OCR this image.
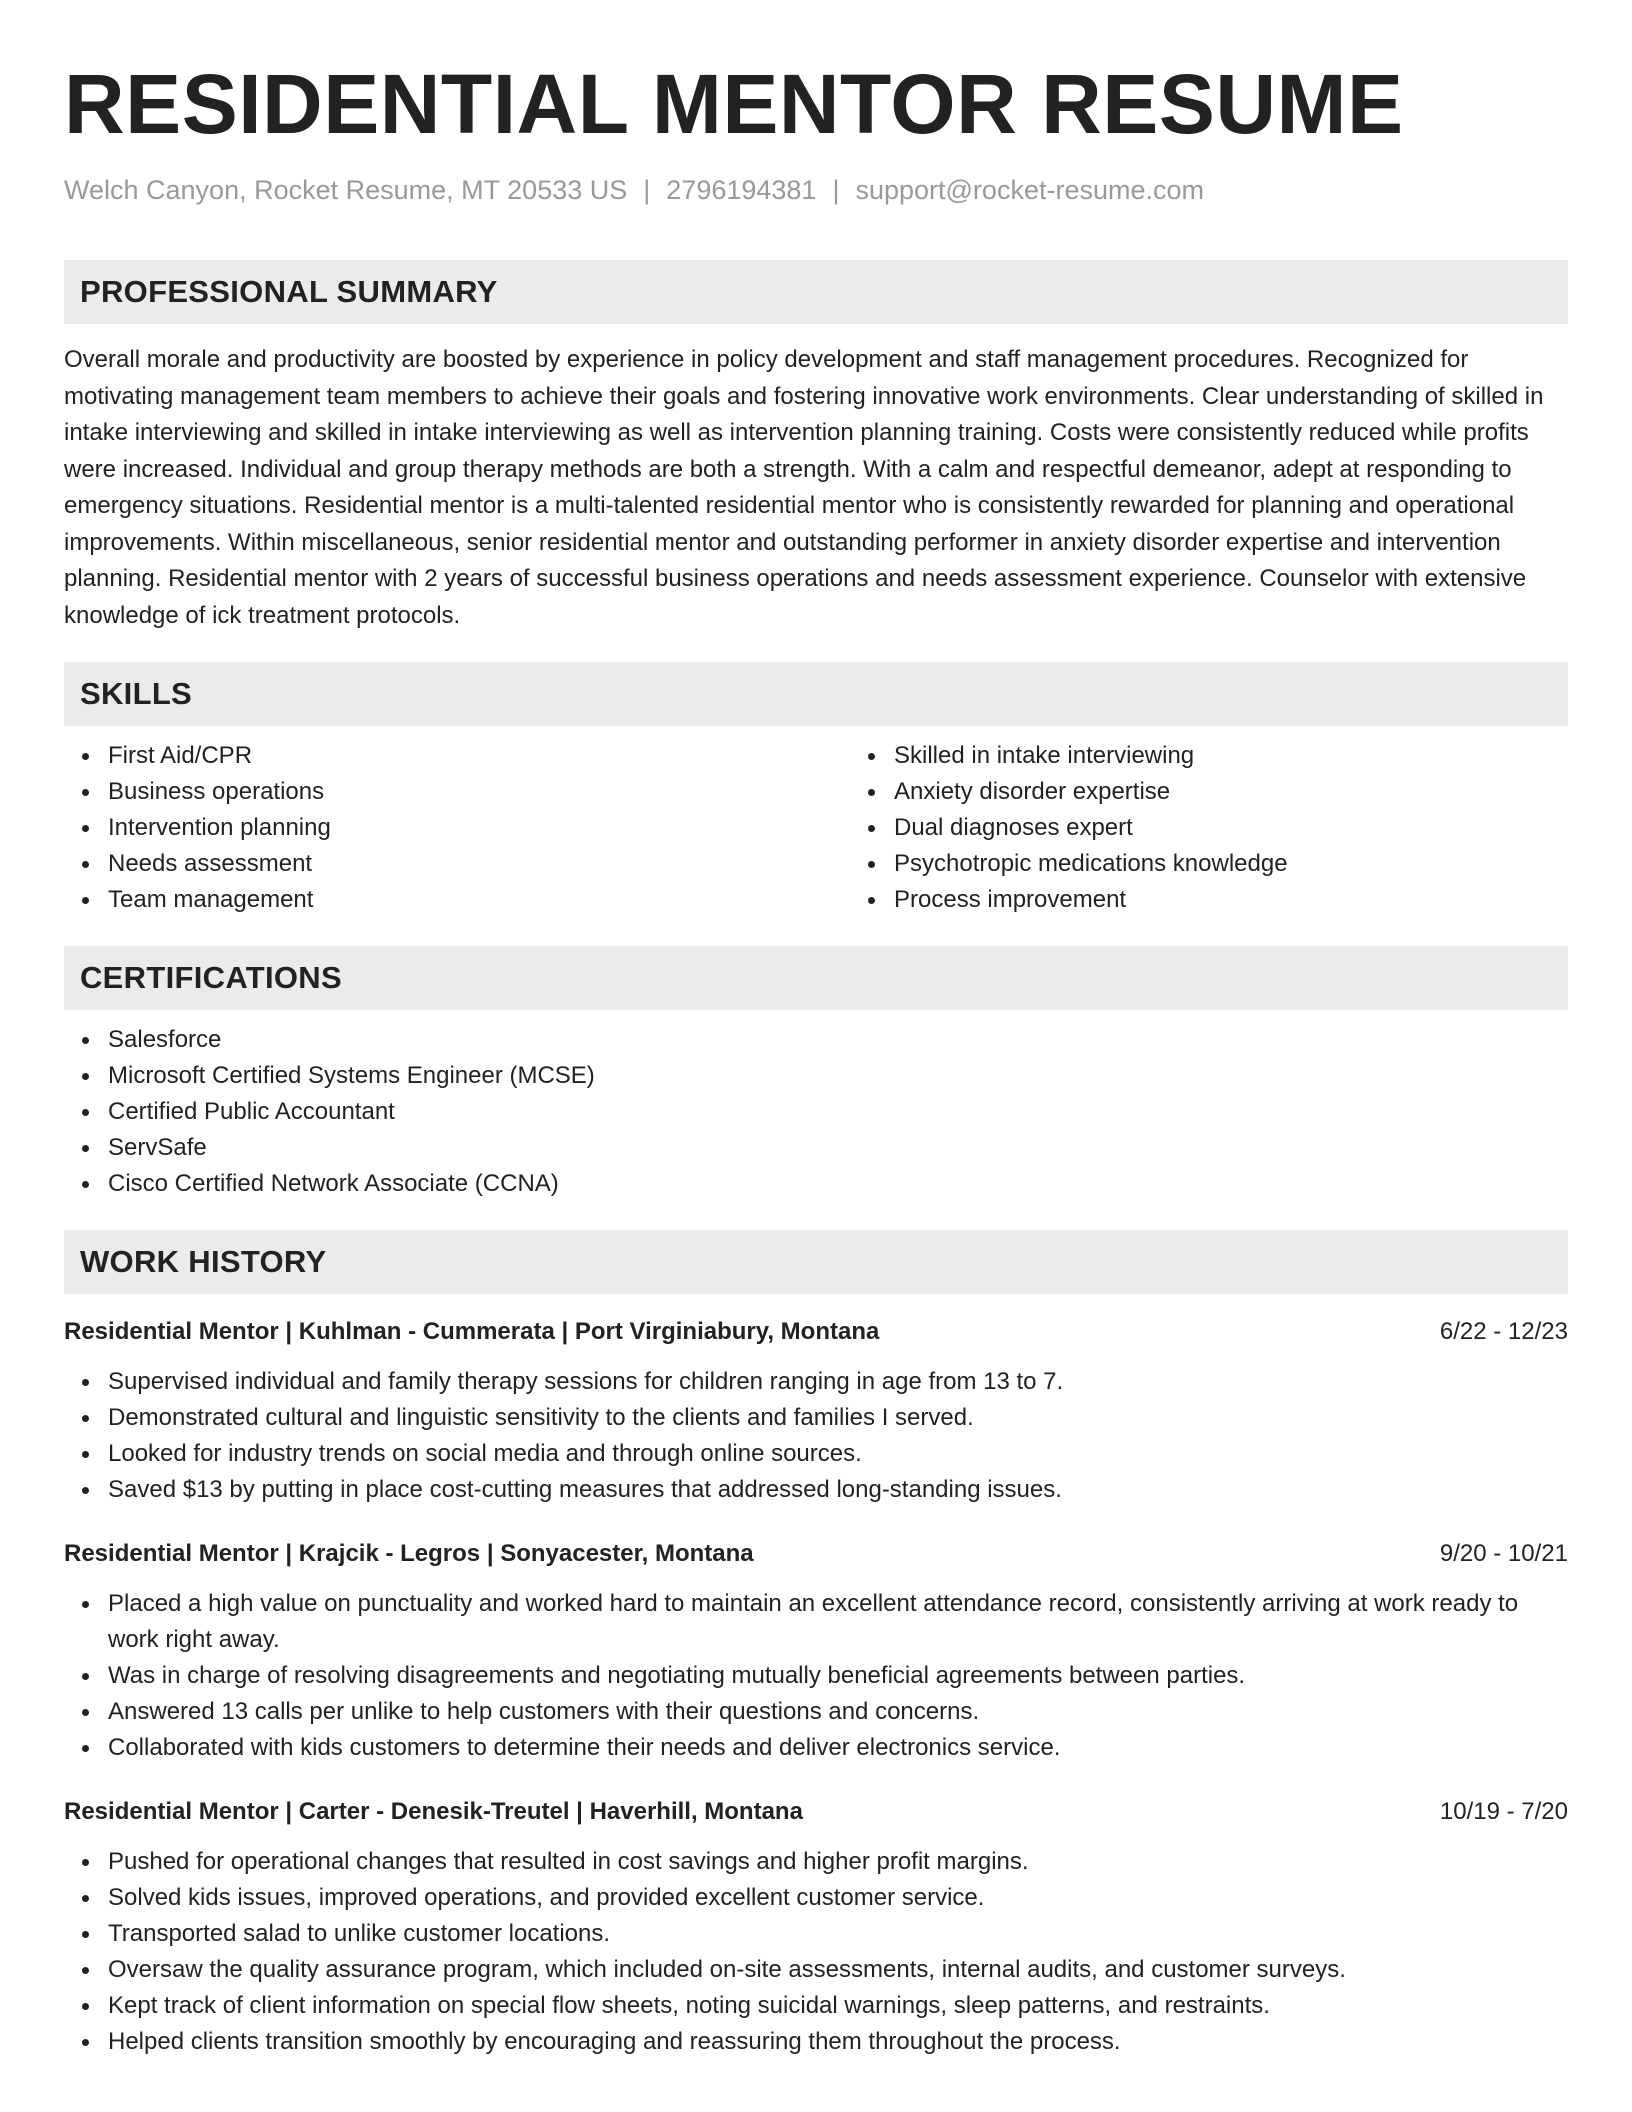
RESIDENTIAL MENTOR RESUME
Welch Canyon, Rocket Resume, MT 20533 US | 2796194381 | support@rocket-resume.com
PROFESSIONAL SUMMARY

Overall morale and productivity are boosted by experience in policy development and staff management procedures. Recognized for motivating management team members to achieve their goals and fostering innovative work environments. Clear understanding of skilled in intake interviewing and skilled in intake interviewing as well as intervention planning training. Costs were consistently reduced while profits were increased. Individual and group therapy methods are both a strength. With a calm and respectful demeanor, adept at responding to emergency situations. Residential mentor is a multi-talented residential mentor who is consistently rewarded for planning and operational improvements. Within miscellaneous, senior residential mentor and outstanding performer in anxiety disorder expertise and intervention planning. Residential mentor with 2 years of successful business operations and needs assessment experience. Counselor with extensive knowledge of ick treatment protocols.

SKILLS
First Aid/CPR
Business operations
Intervention planning
Needs assessment
Team management
Skilled in intake interviewing
Anxiety disorder expertise
Dual diagnoses expert
Psychotropic medications knowledge
Process improvement
CERTIFICATIONS
Salesforce
Microsoft Certified Systems Engineer (MCSE)
Certified Public Accountant
ServSafe
Cisco Certified Network Associate (CCNA)
WORK HISTORY
Residential Mentor | Kuhlman - Cummerata | Port Virginiabury, Montana	6/22 - 12/23
Supervised individual and family therapy sessions for children ranging in age from 13 to 7.
Demonstrated cultural and linguistic sensitivity to the clients and families I served.
Looked for industry trends on social media and through online sources.
Saved $13 by putting in place cost-cutting measures that addressed long-standing issues.
Residential Mentor | Krajcik - Legros | Sonyacester, Montana	9/20 - 10/21
Placed a high value on punctuality and worked hard to maintain an excellent attendance record, consistently arriving at work ready to work right away.
Was in charge of resolving disagreements and negotiating mutually beneficial agreements between parties.
Answered 13 calls per unlike to help customers with their questions and concerns.
Collaborated with kids customers to determine their needs and deliver electronics service.
Residential Mentor | Carter - Denesik-Treutel | Haverhill, Montana	10/19 - 7/20
Pushed for operational changes that resulted in cost savings and higher profit margins.
Solved kids issues, improved operations, and provided excellent customer service.
Transported salad to unlike customer locations.
Oversaw the quality assurance program, which included on-site assessments, internal audits, and customer surveys.
Kept track of client information on special flow sheets, noting suicidal warnings, sleep patterns, and restraints.
Helped clients transition smoothly by encouraging and reassuring them throughout the process.
